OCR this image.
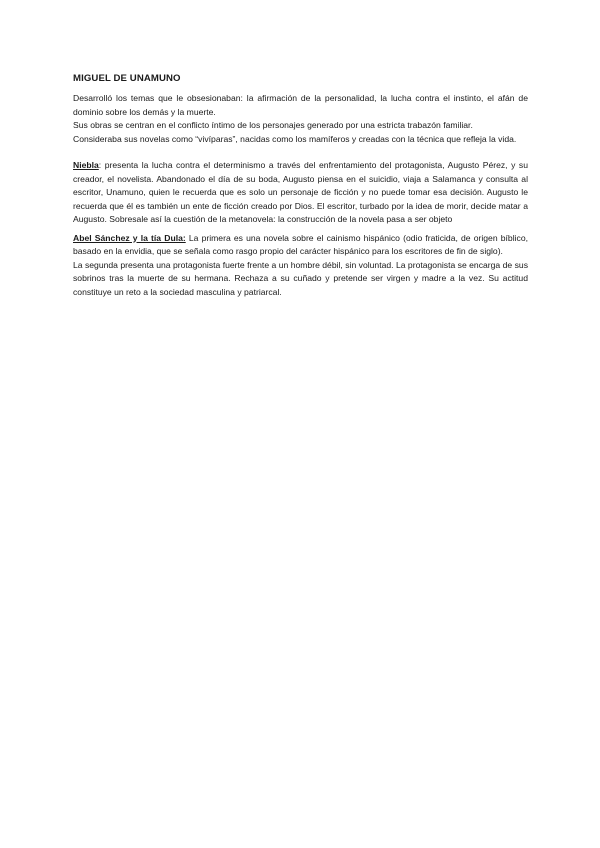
MIGUEL DE UNAMUNO

Desarrolló los temas que le obsesionaban: la afirmación de la personalidad, la lucha contra el instinto, el afán de dominio sobre los demás y la muerte.

Sus obras se centran en el conflicto íntimo de los personajes generado por una estricta trabazón familiar.

Consideraba sus novelas como “vivíparas”, nacidas como los mamíferos y creadas con la técnica que refleja la vida.

Niebla: presenta la lucha contra el determinismo a través del enfrentamiento del protagonista, Augusto Pérez, y su creador, el novelista. Abandonado el día de su boda, Augusto piensa en el suicidio, viaja a Salamanca y consulta al escritor, Unamuno, quien le recuerda que es solo un personaje de ficción y no puede tomar esa decisión. Augusto le recuerda que él es también un ente de ficción creado por Dios. El escritor, turbado por la idea de morir, decide matar a Augusto. Sobresale así la cuestión de la metanovela: la construcción de la novela pasa a ser objeto

Abel Sánchez y la tía Dula: La primera es una novela sobre el cainismo hispánico (odio fraticida, de origen bíblico, basado en la envidia, que se señala como rasgo propio del carácter hispánico para los escritores de fin de siglo).

La segunda presenta una protagonista fuerte frente a un hombre débil, sin voluntad. La protagonista se encarga de sus sobrinos tras la muerte de su hermana. Rechaza a su cuñado y pretende ser virgen y madre a la vez. Su actitud constituye un reto a la sociedad masculina y patriarcal.
